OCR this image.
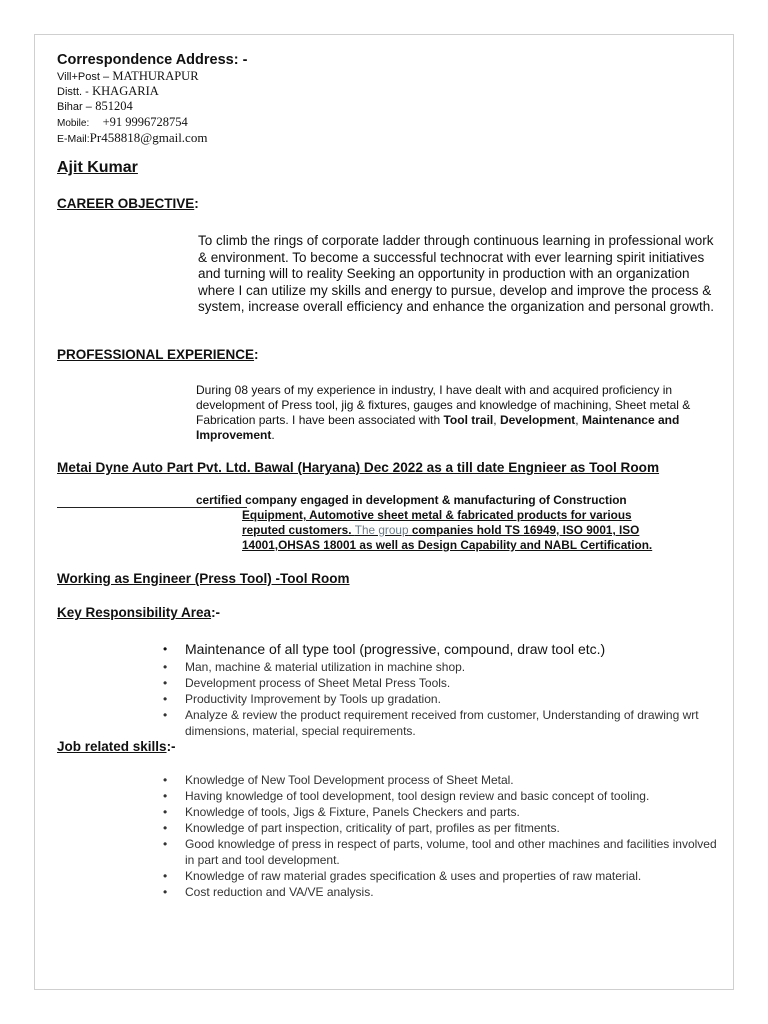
Correspondence Address: -

Vill+Post – MATHURAPUR

Distt. - KHAGARIA

Bihar – 851204

Mobile: +91 9996728754

E-Mail:Pr458818@gmail.com

Ajit Kumar

CAREER OBJECTIVE:

To climb the rings of corporate ladder through continuous learning in professional work & environment. To become a successful technocrat with ever learning spirit initiatives and turning will to reality Seeking an opportunity in production with an organization where I can utilize my skills and energy to pursue, develop and improve the process & system, increase overall efficiency and enhance the organization and personal growth.

PROFESSIONAL EXPERIENCE:

During 08 years of my experience in industry, I have dealt with and acquired proficiency in development of Press tool, jig & fixtures, gauges and knowledge of machining, Sheet metal & Fabrication parts. I have been associated with Tool trail, Development, Maintenance and Improvement.

Metai Dyne Auto Part Pvt. Ltd. Bawal (Haryana) Dec 2022 as a till date Engnieer as Tool Room

certified company engaged in development & manufacturing of Construction
Equipment, Automotive sheet metal & fabricated products for various
reputed customers. The group companies hold TS 16949, ISO 9001, ISO
14001,OHSAS 18001 as well as Design Capability and NABL Certification.

Working as Engineer (Press Tool) -Tool Room

Key Responsibility Area:-

• Maintenance of all type tool (progressive, compound, draw tool etc.)
• Man, machine & material utilization in machine shop.
• Development process of Sheet Metal Press Tools.
• Productivity Improvement by Tools up gradation.
• Analyze & review the product requirement received from customer, Understanding of drawing wrt dimensions, material, special requirements.

Job related skills:-

• Knowledge of New Tool Development process of Sheet Metal.
• Having knowledge of tool development, tool design review and basic concept of tooling.
• Knowledge of tools, Jigs & Fixture, Panels Checkers and parts.
• Knowledge of part inspection, criticality of part, profiles as per fitments.
• Good knowledge of press in respect of parts, volume, tool and other machines and facilities involved in part and tool development.
• Knowledge of raw material grades specification & uses and properties of raw material.
• Cost reduction and VA/VE analysis.
